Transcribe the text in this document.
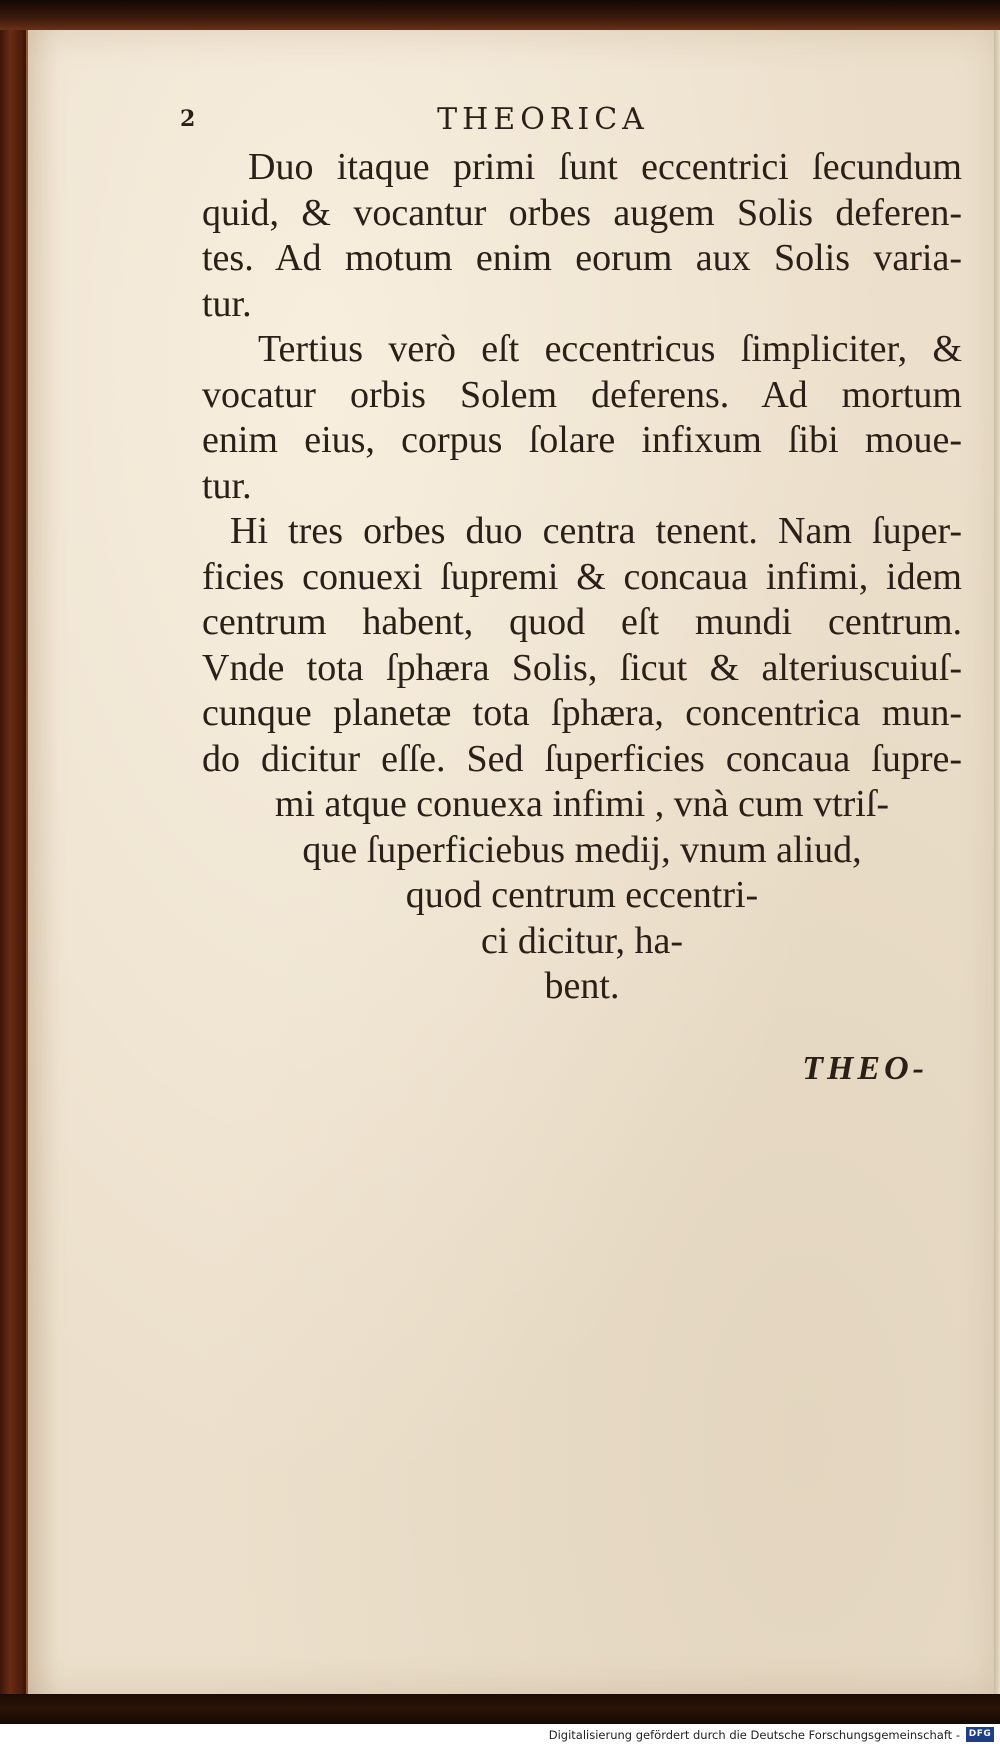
2	THEORICA
Duo itaque primi ſunt eccentrici ſecundum
quid, & vocantur orbes augem Solis deferen-
tes. Ad motum enim eorum aux Solis varia-
tur.
Tertius verò eſt eccentricus ſimpliciter, &
vocatur orbis Solem deferens. Ad mortum
enim eius, corpus ſolare infixum ſibi moue-
tur.
Hi tres orbes duo centra tenent. Nam ſuper-
ficies conuexi ſupremi & concaua infimi, idem
centrum habent, quod eſt mundi centrum.
Vnde tota ſphæra Solis, ſicut & alteriuscuiuſ-
cunque planetæ tota ſphæra, concentrica mun-
do dicitur eſſe. Sed ſuperficies concaua ſupre-
mi atque conuexa infimi , vnà cum vtriſ-
que ſuperficiebus medij, vnum aliud,
quod centrum eccentri-
ci dicitur, ha-
bent.
THEO-
Digitalisierung gefördert durch die Deutsche Forschungsgemeinschaft - DFG
